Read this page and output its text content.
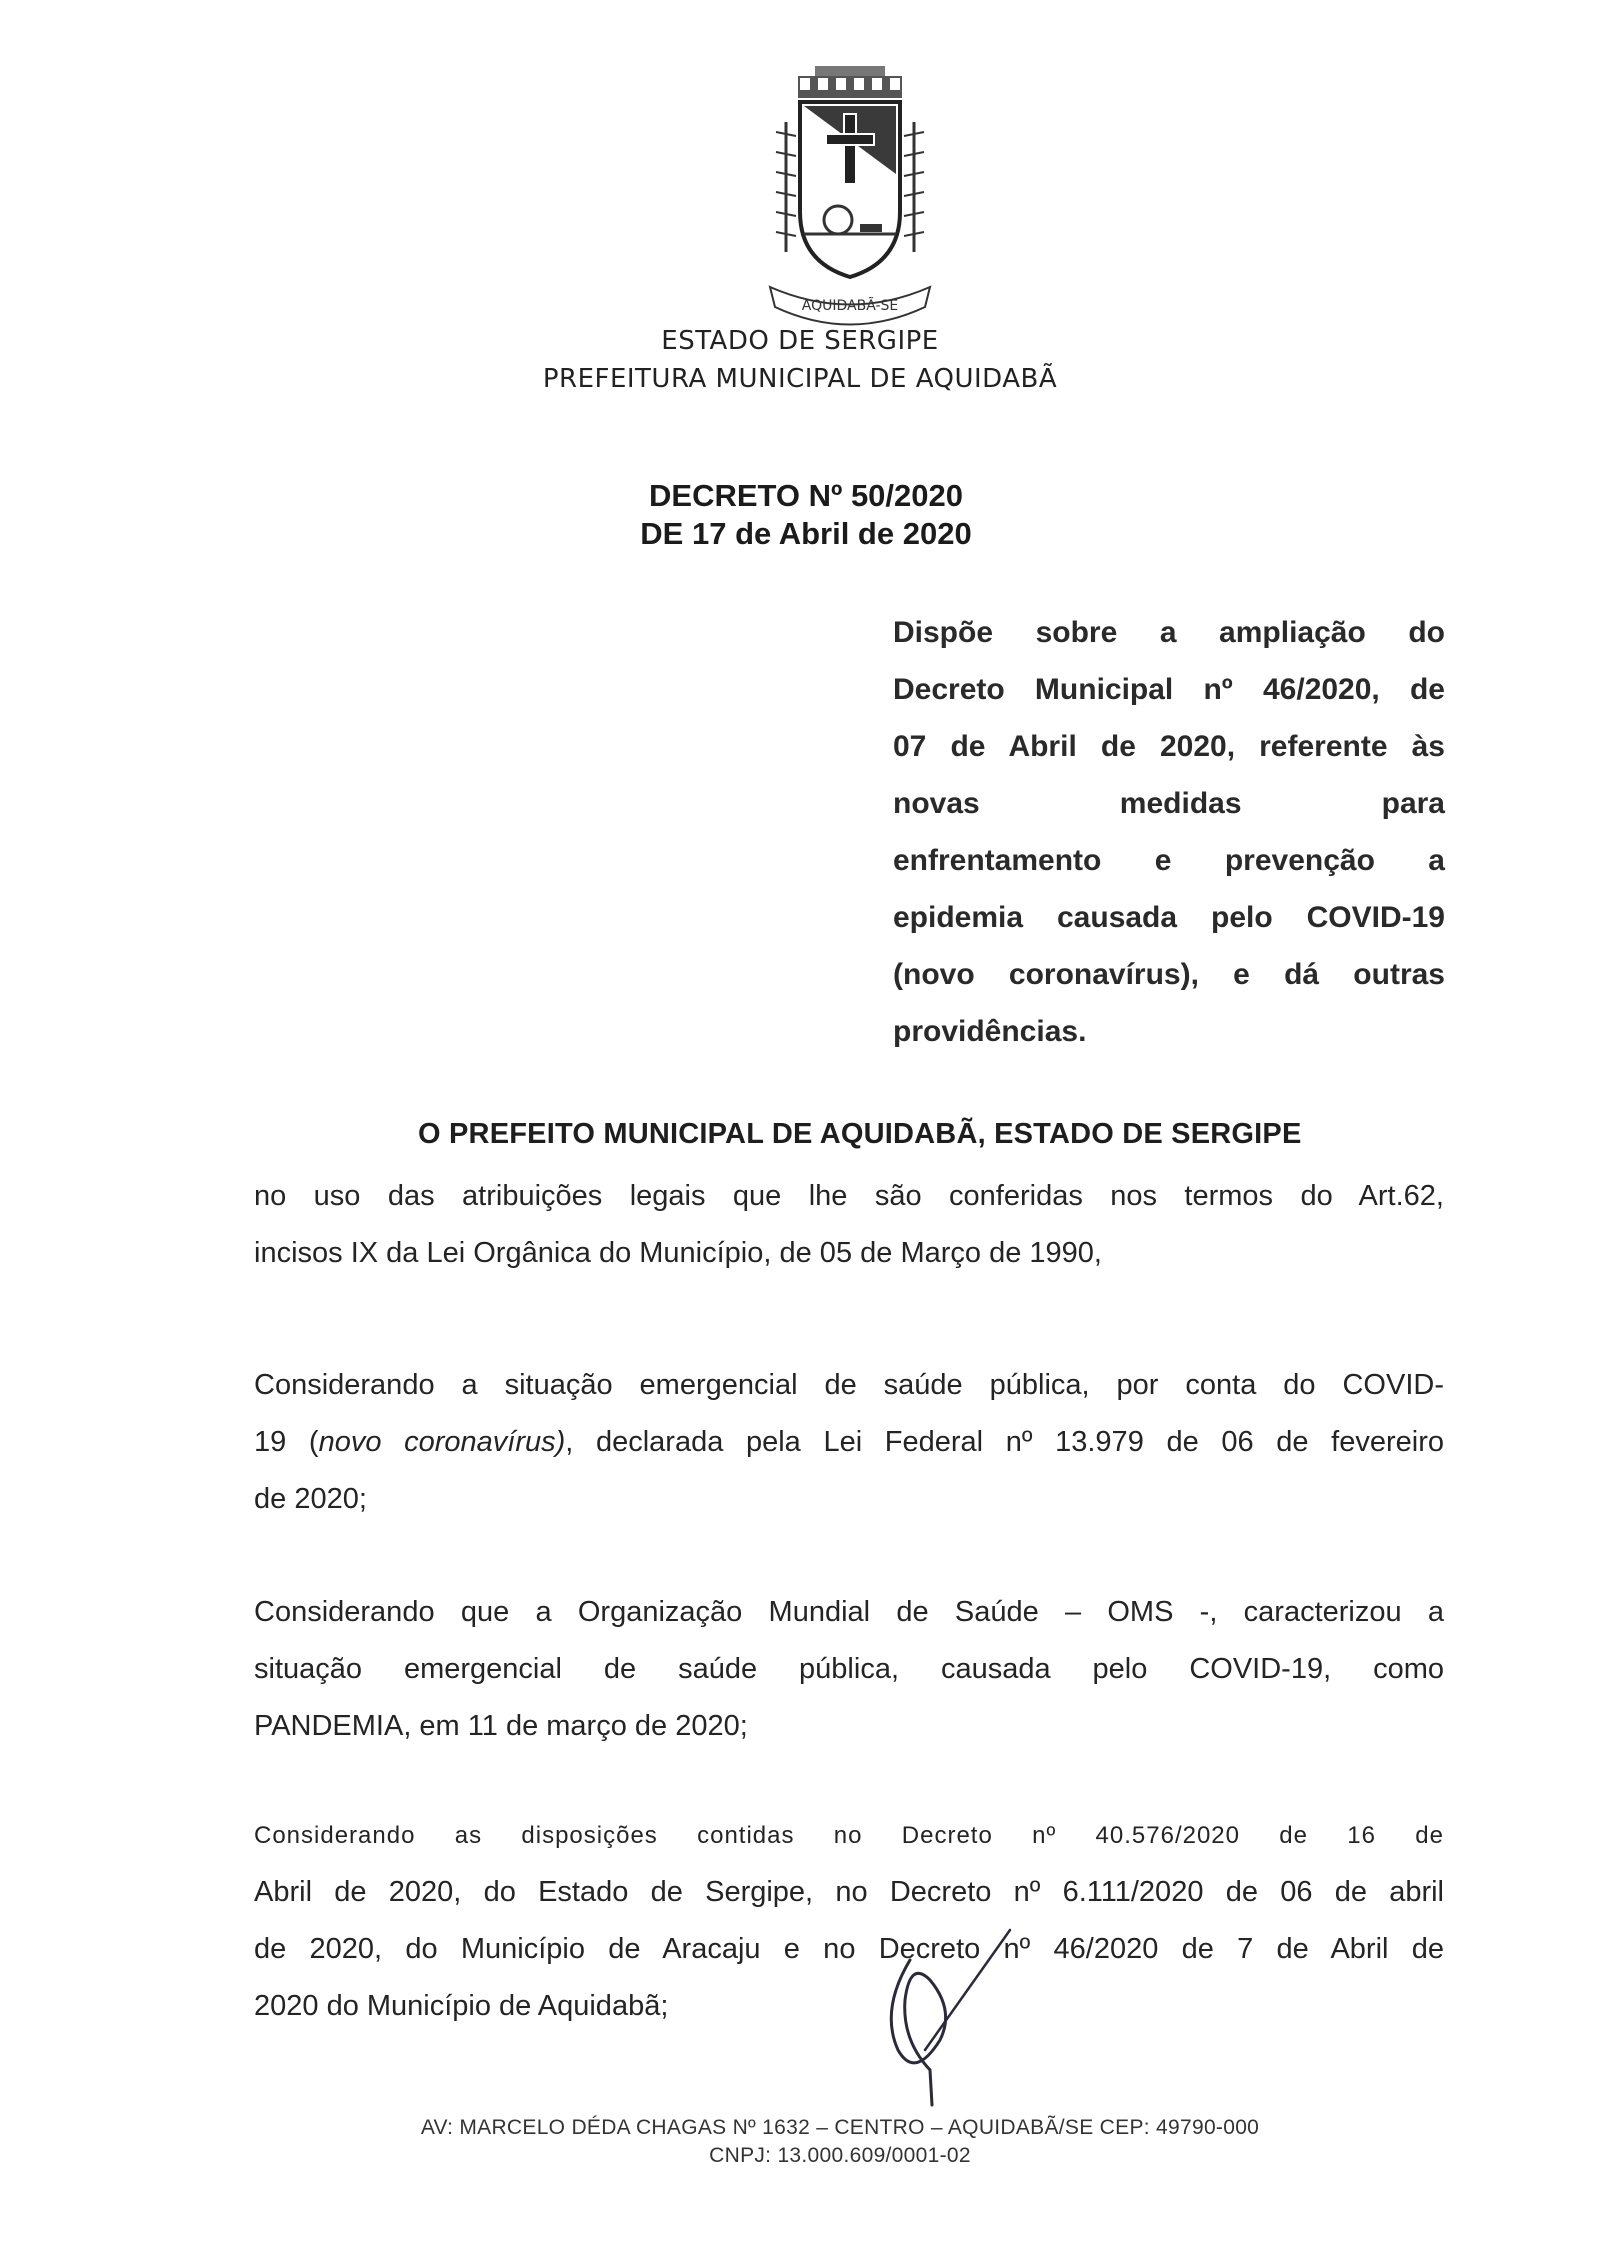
AQUIDABÃ-SE
ESTADO DE SERGIPE
PREFEITURA MUNICIPAL DE AQUIDABÃ
DECRETO Nº 50/2020
DE 17 de Abril de 2020
Dispõe sobre a ampliação do
Decreto Municipal nº 46/2020, de
07 de Abril de 2020, referente às
novas medidas para
enfrentamento e prevenção a
epidemia causada pelo COVID-19
(novo coronavírus), e dá outras
providências.
O PREFEITO MUNICIPAL DE AQUIDABÃ, ESTADO DE SERGIPE
no uso das atribuições legais que lhe são conferidas nos termos do Art.62,
incisos IX da Lei Orgânica do Município, de 05 de Março de 1990,
Considerando a situação emergencial de saúde pública, por conta do COVID-
19 (novo coronavírus), declarada pela Lei Federal nº 13.979 de 06 de fevereiro
de 2020;
Considerando que a Organização Mundial de Saúde – OMS -, caracterizou a
situação emergencial de saúde pública, causada pelo COVID-19, como
PANDEMIA, em 11 de março de 2020;
Considerando as disposições contidas no Decreto nº 40.576/2020 de 16 de
Abril de 2020, do Estado de Sergipe, no Decreto nº 6.111/2020 de 06 de abril
de 2020, do Município de Aracaju e no Decreto nº 46/2020 de 7 de Abril de
2020 do Município de Aquidabã;
AV: MARCELO DÉDA CHAGAS Nº 1632 – CENTRO – AQUIDABÃ/SE CEP: 49790-000
CNPJ: 13.000.609/0001-02
